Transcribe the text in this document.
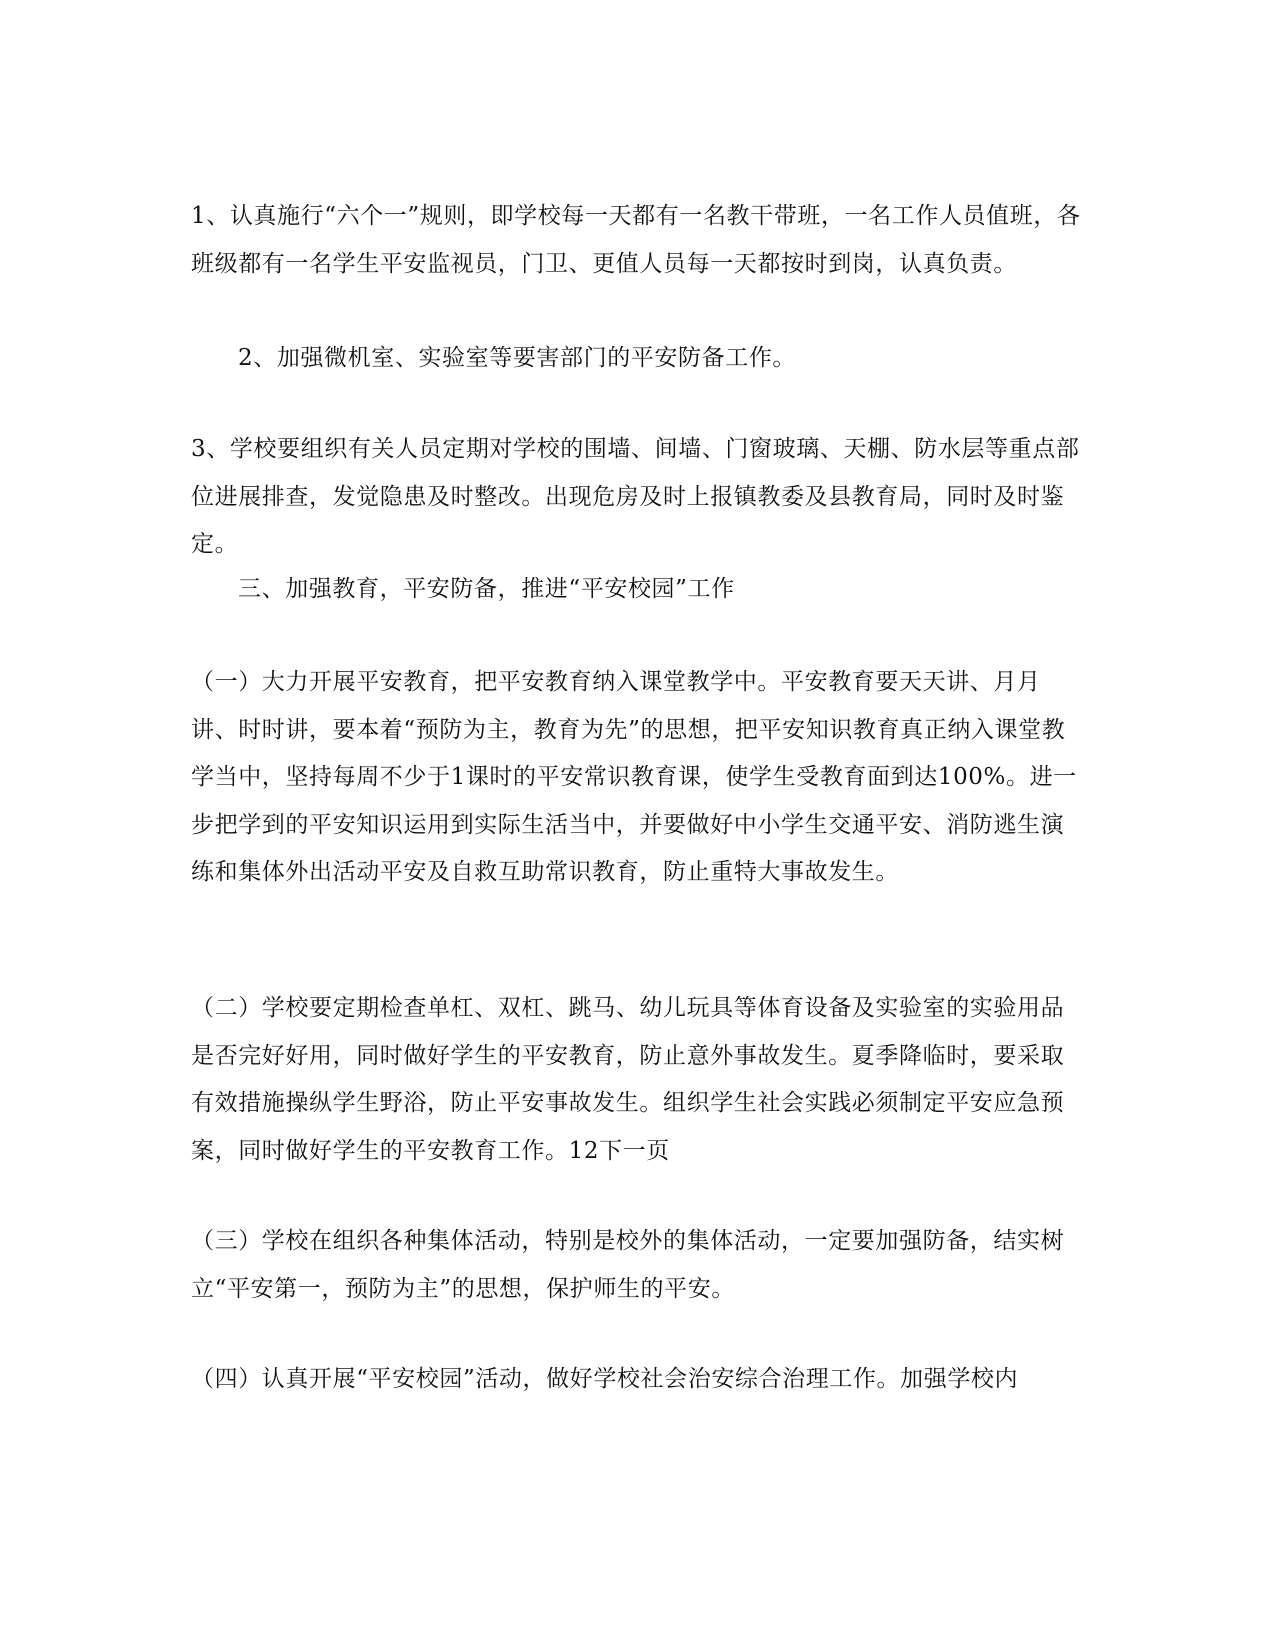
1、认真施行“六个一”规则，即学校每一天都有一名教干带班，一名工作人员值班，各班级都有一名学生平安监视员，门卫、更值人员每一天都按时到岗，认真负责。

2、加强微机室、实验室等要害部门的平安防备工作。

3、学校要组织有关人员定期对学校的围墙、间墙、门窗玻璃、天棚、防水层等重点部位进展排查，发觉隐患及时整改。出现危房及时上报镇教委及县教育局，同时及时鉴定。

三、加强教育，平安防备，推进“平安校园”工作

（一）大力开展平安教育，把平安教育纳入课堂教学中。平安教育要天天讲、月月讲、时时讲，要本着“预防为主，教育为先”的思想，把平安知识教育真正纳入课堂教学当中，坚持每周不少于1课时的平安常识教育课，使学生受教育面到达100%。进一步把学到的平安知识运用到实际生活当中，并要做好中小学生交通平安、消防逃生演练和集体外出活动平安及自救互助常识教育，防止重特大事故发生。

（二）学校要定期检查单杠、双杠、跳马、幼儿玩具等体育设备及实验室的实验用品是否完好好用，同时做好学生的平安教育，防止意外事故发生。夏季降临时，要采取有效措施操纵学生野浴，防止平安事故发生。组织学生社会实践必须制定平安应急预案，同时做好学生的平安教育工作。12下一页

（三）学校在组织各种集体活动，特别是校外的集体活动，一定要加强防备，结实树立“平安第一，预防为主”的思想，保护师生的平安。

（四）认真开展“平安校园”活动，做好学校社会治安综合治理工作。加强学校内
